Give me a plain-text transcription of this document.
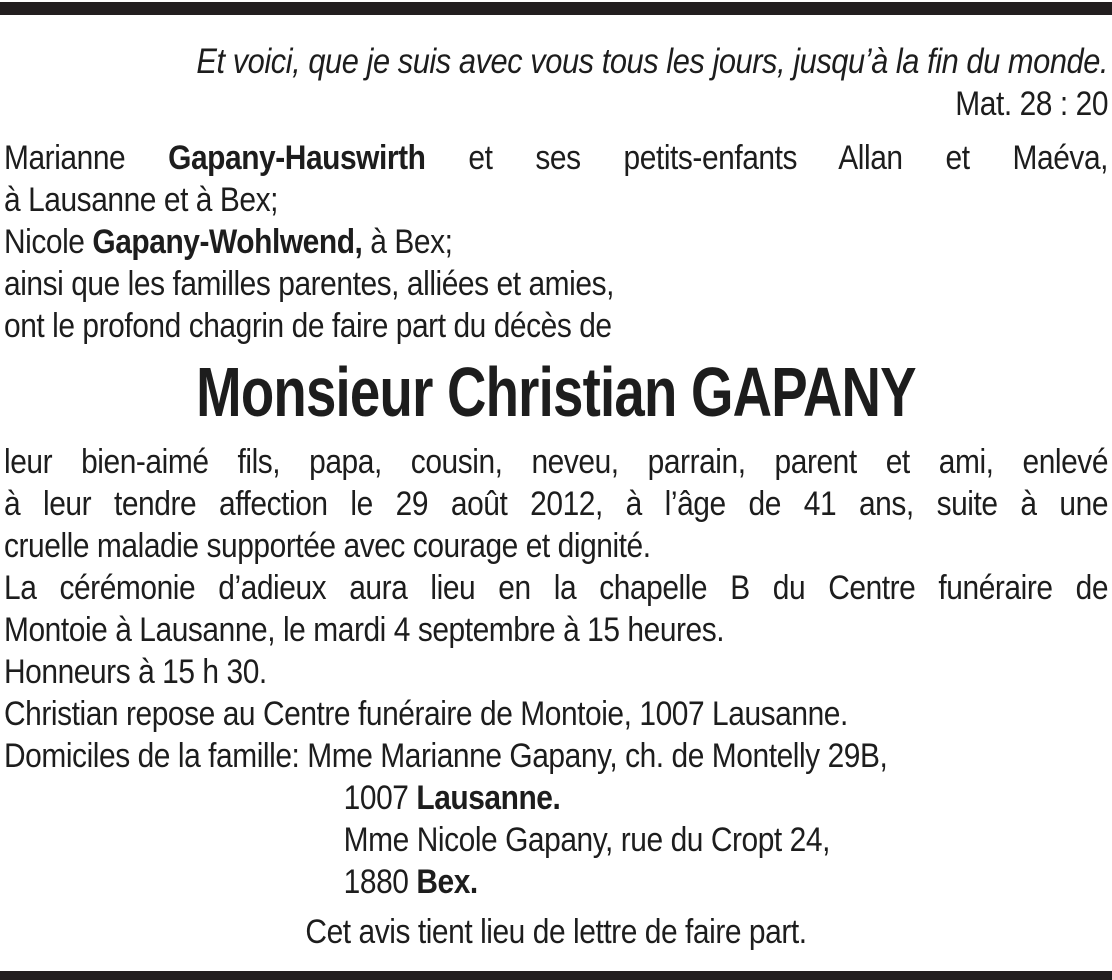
Et voici, que je suis avec vous tous les jours, jusqu’à la fin du monde.
Mat. 28 : 20
Marianne Gapany-Hauswirth et ses petits-enfants Allan et Maéva,
à Lausanne et à Bex;
Nicole Gapany-Wohlwend, à Bex;
ainsi que les familles parentes, alliées et amies,
ont le profond chagrin de faire part du décès de
Monsieur Christian GAPANY
leur bien-aimé fils, papa, cousin, neveu, parrain, parent et ami, enlevé
à leur tendre affection le 29 août 2012, à l’âge de 41 ans, suite à une
cruelle maladie supportée avec courage et dignité.
La cérémonie d’adieux aura lieu en la chapelle B du Centre funéraire de
Montoie à Lausanne, le mardi 4 septembre à 15 heures.
Honneurs à 15 h 30.
Christian repose au Centre funéraire de Montoie, 1007 Lausanne.
Domiciles de la famille: Mme Marianne Gapany, ch. de Montelly 29B,
1007 Lausanne.
Mme Nicole Gapany, rue du Cropt 24,
1880 Bex.
Cet avis tient lieu de lettre de faire part.
